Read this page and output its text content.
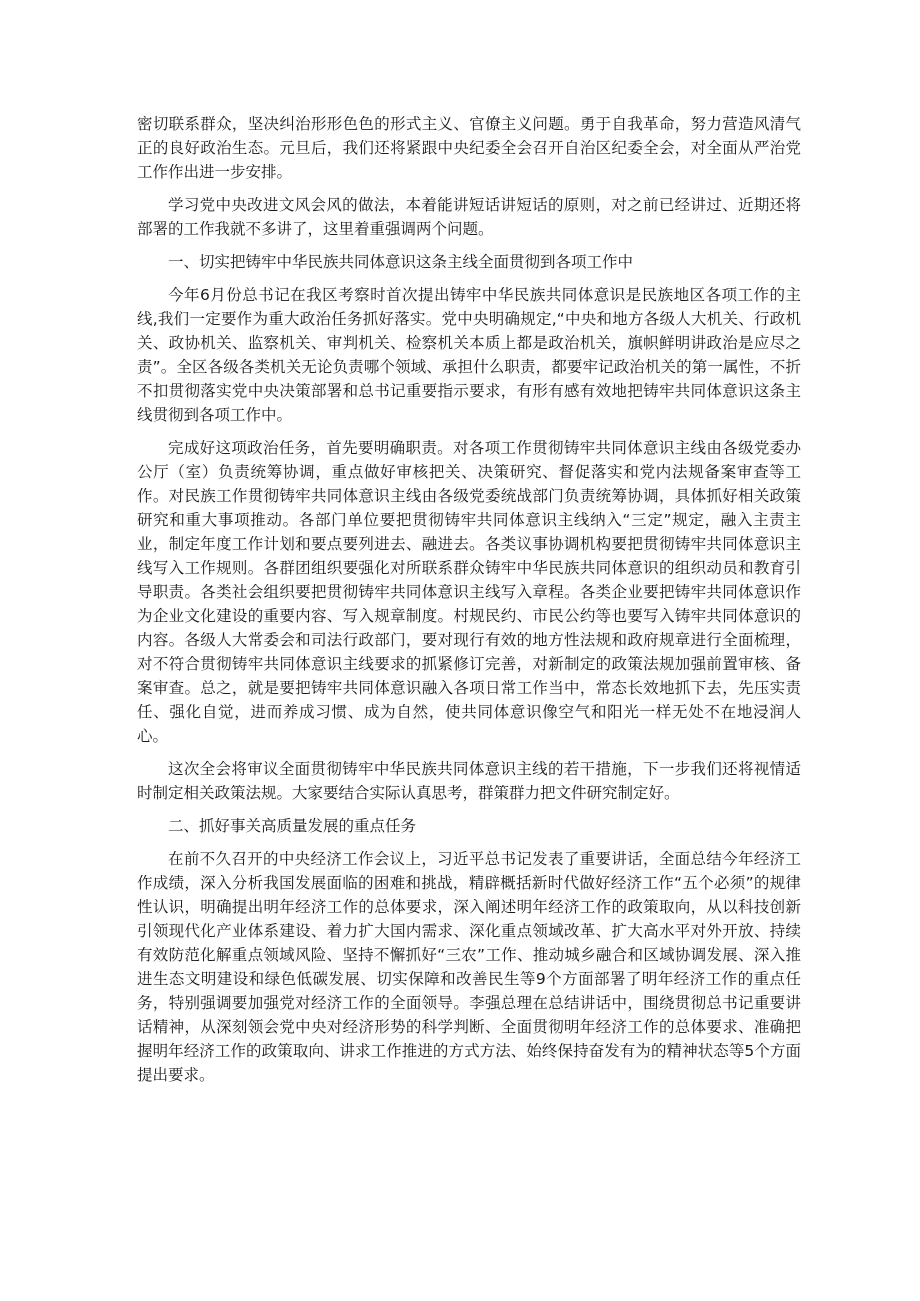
密切联系群众，坚决纠治形形色色的形式主义、官僚主义问题。勇于自我革命，努力营造风清气正的良好政治生态。元旦后，我们还将紧跟中央纪委全会召开自治区纪委全会，对全面从严治党工作作出进一步安排。

学习党中央改进文风会风的做法，本着能讲短话讲短话的原则，对之前已经讲过、近期还将部署的工作我就不多讲了，这里着重强调两个问题。

一、切实把铸牢中华民族共同体意识这条主线全面贯彻到各项工作中

今年6月份总书记在我区考察时首次提出铸牢中华民族共同体意识是民族地区各项工作的主线,我们一定要作为重大政治任务抓好落实。党中央明确规定,“中央和地方各级人大机关、行政机关、政协机关、监察机关、审判机关、检察机关本质上都是政治机关，旗帜鲜明讲政治是应尽之责”。全区各级各类机关无论负责哪个领域、承担什么职责，都要牢记政治机关的第一属性，不折不扣贯彻落实党中央决策部署和总书记重要指示要求，有形有感有效地把铸牢共同体意识这条主线贯彻到各项工作中。

完成好这项政治任务，首先要明确职责。对各项工作贯彻铸牢共同体意识主线由各级党委办公厅（室）负责统筹协调，重点做好审核把关、决策研究、督促落实和党内法规备案审查等工作。对民族工作贯彻铸牢共同体意识主线由各级党委统战部门负责统筹协调，具体抓好相关政策研究和重大事项推动。各部门单位要把贯彻铸牢共同体意识主线纳入“三定”规定，融入主责主业，制定年度工作计划和要点要列进去、融进去。各类议事协调机构要把贯彻铸牢共同体意识主线写入工作规则。各群团组织要强化对所联系群众铸牢中华民族共同体意识的组织动员和教育引导职责。各类社会组织要把贯彻铸牢共同体意识主线写入章程。各类企业要把铸牢共同体意识作为企业文化建设的重要内容、写入规章制度。村规民约、市民公约等也要写入铸牢共同体意识的内容。各级人大常委会和司法行政部门，要对现行有效的地方性法规和政府规章进行全面梳理，对不符合贯彻铸牢共同体意识主线要求的抓紧修订完善，对新制定的政策法规加强前置审核、备案审查。总之，就是要把铸牢共同体意识融入各项日常工作当中，常态长效地抓下去，先压实责任、强化自觉，进而养成习惯、成为自然，使共同体意识像空气和阳光一样无处不在地浸润人心。

这次全会将审议全面贯彻铸牢中华民族共同体意识主线的若干措施，下一步我们还将视情适时制定相关政策法规。大家要结合实际认真思考，群策群力把文件研究制定好。

二、抓好事关高质量发展的重点任务

在前不久召开的中央经济工作会议上，习近平总书记发表了重要讲话，全面总结今年经济工作成绩，深入分析我国发展面临的困难和挑战，精辟概括新时代做好经济工作“五个必须”的规律性认识，明确提出明年经济工作的总体要求，深入阐述明年经济工作的政策取向，从以科技创新引领现代化产业体系建设、着力扩大国内需求、深化重点领域改革、扩大高水平对外开放、持续有效防范化解重点领域风险、坚持不懈抓好“三农”工作、推动城乡融合和区域协调发展、深入推进生态文明建设和绿色低碳发展、切实保障和改善民生等9个方面部署了明年经济工作的重点任务，特别强调要加强党对经济工作的全面领导。李强总理在总结讲话中，围绕贯彻总书记重要讲话精神，从深刻领会党中央对经济形势的科学判断、全面贯彻明年经济工作的总体要求、准确把握明年经济工作的政策取向、讲求工作推进的方式方法、始终保持奋发有为的精神状态等5个方面提出要求。
